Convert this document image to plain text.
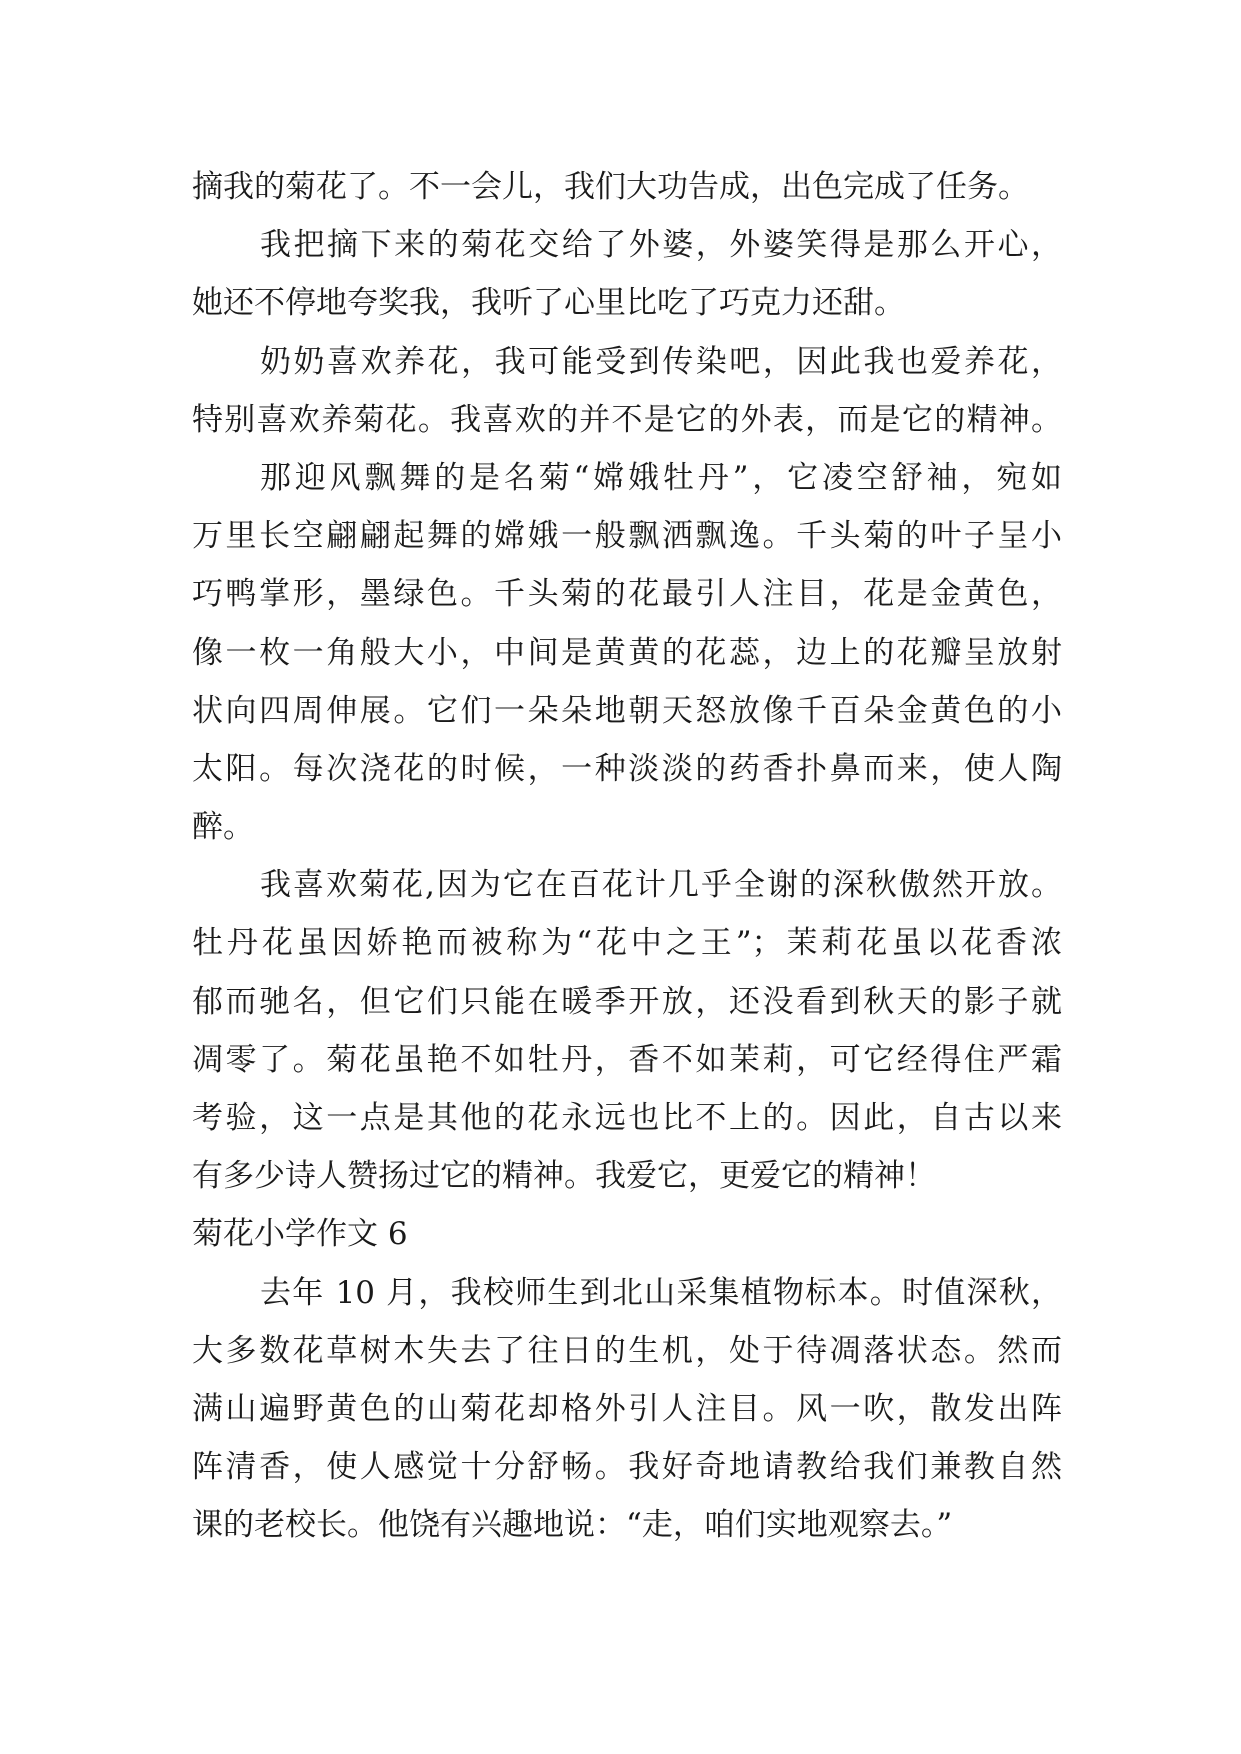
摘我的菊花了。不一会儿，我们大功告成，出色完成了任务。
我把摘下来的菊花交给了外婆，外婆笑得是那么开心，
她还不停地夸奖我，我听了心里比吃了巧克力还甜。
奶奶喜欢养花，我可能受到传染吧，因此我也爱养花，
特别喜欢养菊花。我喜欢的并不是它的外表，而是它的精神。
那迎风飘舞的是名菊“嫦娥牡丹”，它凌空舒袖，宛如
万里长空翩翩起舞的嫦娥一般飘洒飘逸。千头菊的叶子呈小
巧鸭掌形，墨绿色。千头菊的花最引人注目，花是金黄色，
像一枚一角般大小，中间是黄黄的花蕊，边上的花瓣呈放射
状向四周伸展。它们一朵朵地朝天怒放像千百朵金黄色的小
太阳。每次浇花的时候，一种淡淡的药香扑鼻而来，使人陶
醉。
我喜欢菊花,因为它在百花计几乎全谢的深秋傲然开放。
牡丹花虽因娇艳而被称为“花中之王”；茉莉花虽以花香浓
郁而驰名，但它们只能在暖季开放，还没看到秋天的影子就
凋零了。菊花虽艳不如牡丹，香不如茉莉，可它经得住严霜
考验，这一点是其他的花永远也比不上的。因此，自古以来
有多少诗人赞扬过它的精神。我爱它，更爱它的精神！
菊花小学作文 6
去年 10 月，我校师生到北山采集植物标本。时值深秋，
大多数花草树木失去了往日的生机，处于待凋落状态。然而
满山遍野黄色的山菊花却格外引人注目。风一吹，散发出阵
阵清香，使人感觉十分舒畅。我好奇地请教给我们兼教自然
课的老校长。他饶有兴趣地说：“走，咱们实地观察去。”
